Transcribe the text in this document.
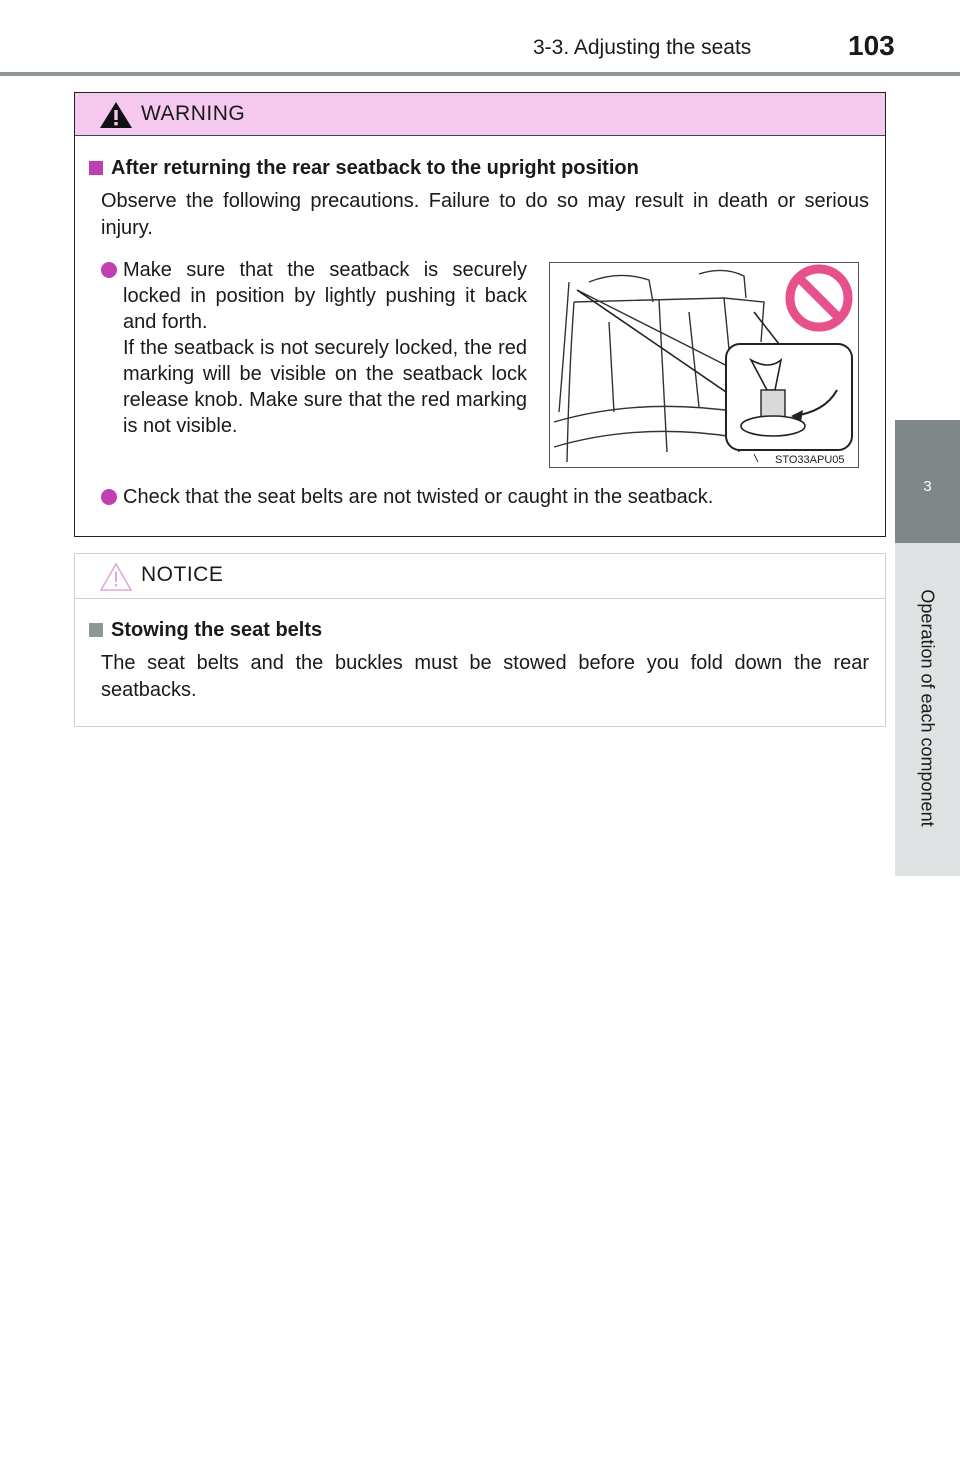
3-3. Adjusting the seats	103
3
Operation of each component
WARNING
After returning the rear seatback to the upright position
Observe the following precautions. Failure to do so may result in death or serious injury.
Make sure that the seatback is securely locked in position by lightly pushing it back and forth.
If the seatback is not securely locked, the red marking will be visible on the seatback lock release knob. Make sure that the red marking is not visible.
STO33APU05
Check that the seat belts are not twisted or caught in the seatback.
NOTICE
Stowing the seat belts
The seat belts and the buckles must be stowed before you fold down the rear seatbacks.
